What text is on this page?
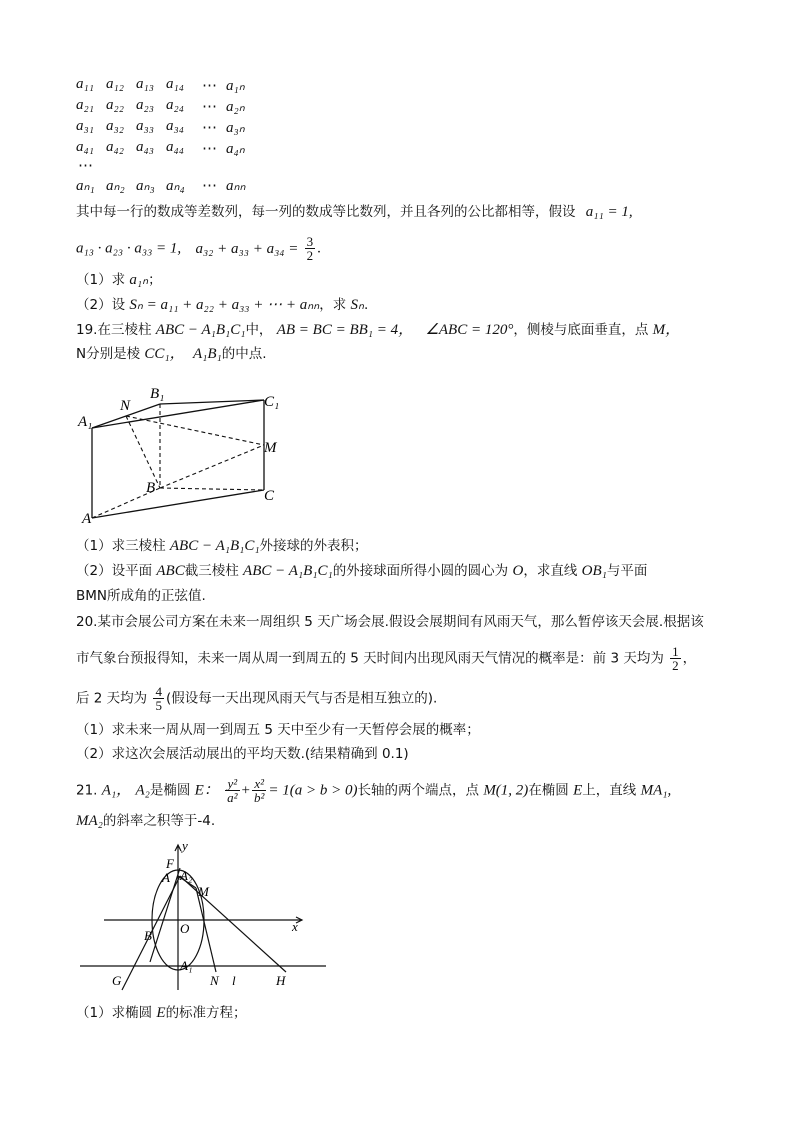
a₁₁ a₁₂ a₁₃ a₁₄ ⋯ a₁ₙ
a₂₁ a₂₂ a₂₃ a₂₄ ⋯ a₂ₙ
a₃₁ a₃₂ a₃₃ a₃₄ ⋯ a₃ₙ
a₄₁ a₄₂ a₄₃ a₄₄ ⋯ a₄ₙ
⋯
aₙ₁ aₙ₂ aₙ₃ aₙ₄ ⋯ aₙₙ
其中每一行的数成等差数列，每一列的数成等比数列，并且各列的公比都相等，假设 a₁₁ = 1,
a₁₃ · a₂₃ · a₃₃ = 1, $a_{32} + a_{33} + a_{34} = \frac{3}{2}$ .
（1）求 a₁ₙ；
（2）设 Sₙ = a₁₁ + a₂₂ + a₃₃ + ⋯ + aₙₙ，求 Sₙ.
19.在三棱柱 ABC − A₁B₁C₁中， AB = BC = BB₁ = 4， ∠ABC = 120°，侧棱与底面垂直，点 M，
N分别是棱 CC₁， A₁B₁的中点.
A₁
B₁	C₁
N
M
B	C
A
（1）求三棱柱 ABC − A₁B₁C₁外接球的外表积；
（2）设平面 ABC截三棱柱 ABC − A₁B₁C₁的外接球面所得小圆的圆心为 O，求直线 OB₁与平面
BMN所成角的正弦值.
20.某市会展公司方案在未来一周组织 5 天广场会展.假设会展期间有风雨天气，那么暂停该天会展.根据该
市气象台预报得知，未来一周从周一到周五的 5 天时间内出现风雨天气情况的概率是：前 3 天均为 $\frac{1}{2}$ ，
后 2 天均为 $\frac{4}{5}$ (假设每一天出现风雨天气与否是相互独立的).
（1）求未来一周从周一到周五 5 天中至少有一天暂停会展的概率；
（2）求这次会展活动展出的平均天数.(结果精确到 0.1)
21. A₁， A₂是椭圆 E： $\frac{\text{y²}}{\text{a²}} + \frac{\text{x²}}{\text{b²}} = 1(a > b > 0)$长轴的两个端点，点 M(1, 2)在椭圆 E上，直线 MA₁,
MA₂的斜率之积等于-4.
y
F
A A₂
M
O	x
B
A₁
G	N l	H
（1）求椭圆 E的标准方程；
